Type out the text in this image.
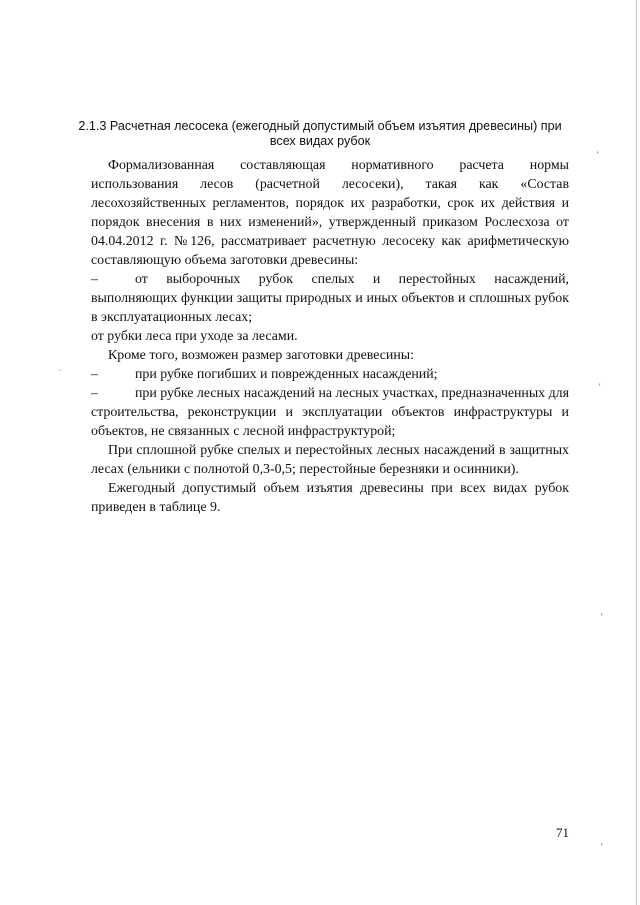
2.1.3 Расчетная лесосека (ежегодный допустимый объем изъятия древесины) при
всех видах рубок

Формализованная составляющая нормативного расчета нормы использования лесов (расчетной лесосеки), такая как «Состав лесохозяйственных регламентов, порядок их разработки, срок их действия и порядок внесения в них изменений», утвержденный приказом Рослесхоза от 04.04.2012 г. №126, рассматривает расчетную лесосеку как арифметическую составляющую объема заготовки древесины:

–	от выборочных рубок спелых и перестойных насаждений, выполняющих функции защиты природных и иных объектов и сплошных рубок в эксплуатационных лесах;

от рубки леса при уходе за лесами.

Кроме того, возможен размер заготовки древесины:

–	при рубке погибших и поврежденных насаждений;

–	при рубке лесных насаждений на лесных участках, предназначенных для строительства, реконструкции и эксплуатации объектов инфраструктуры и объектов, не связанных с лесной инфраструктурой;

При сплошной рубке спелых и перестойных лесных насаждений в защитных лесах (ельники с полнотой 0,3-0,5; перестойные березняки и осинники).

Ежегодный допустимый объем изъятия древесины при всех видах рубок приведен в таблице 9.

71
ʻ
ʻ
ʻ
ʻ
¨
